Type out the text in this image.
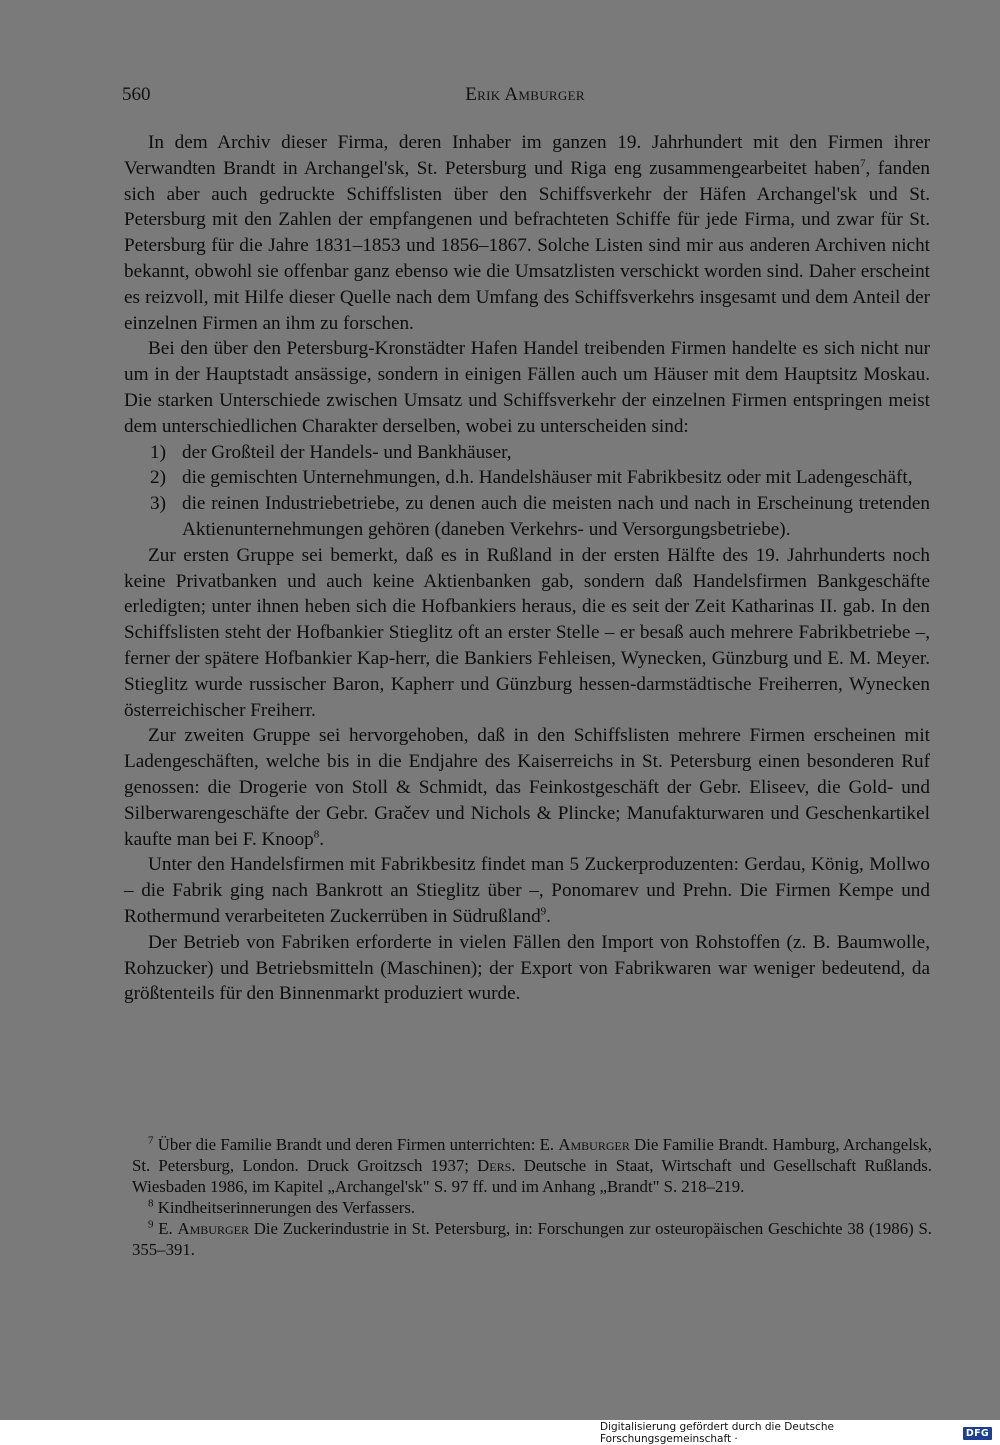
560	Erik Amburger

In dem Archiv dieser Firma, deren Inhaber im ganzen 19. Jahrhundert mit den Firmen ihrer Verwandten Brandt in Archangel'sk, St. Petersburg und Riga eng zusammengearbeitet haben$^7$, fanden sich aber auch gedruckte Schiffslisten über den Schiffsverkehr der Häfen Archangel'sk und St. Petersburg mit den Zahlen der empfangenen und befrachteten Schiffe für jede Firma, und zwar für St. Petersburg für die Jahre 1831–1853 und 1856–1867. Solche Listen sind mir aus anderen Archiven nicht bekannt, obwohl sie offenbar ganz ebenso wie die Umsatzlisten verschickt worden sind. Daher erscheint es reizvoll, mit Hilfe dieser Quelle nach dem Umfang des Schiffsverkehrs insgesamt und dem Anteil der einzelnen Firmen an ihm zu forschen.

Bei den über den Petersburg-Kronstädter Hafen Handel treibenden Firmen handelte es sich nicht nur um in der Hauptstadt ansässige, sondern in einigen Fällen auch um Häuser mit dem Hauptsitz Moskau. Die starken Unterschiede zwischen Umsatz und Schiffsverkehr der einzelnen Firmen entspringen meist dem unterschiedlichen Charakter derselben, wobei zu unterscheiden sind:

1) der Großteil der Handels- und Bankhäuser,
2) die gemischten Unternehmungen, d.h. Handelshäuser mit Fabrikbesitz oder mit Ladengeschäft,
3) die reinen Industriebetriebe, zu denen auch die meisten nach und nach in Erscheinung tretenden Aktienunternehmungen gehören (daneben Verkehrs- und Versorgungsbetriebe).

Zur ersten Gruppe sei bemerkt, daß es in Rußland in der ersten Hälfte des 19. Jahrhunderts noch keine Privatbanken und auch keine Aktienbanken gab, sondern daß Handelsfirmen Bankgeschäfte erledigten; unter ihnen heben sich die Hofbankiers heraus, die es seit der Zeit Katharinas II. gab. In den Schiffslisten steht der Hofbankier Stieglitz oft an erster Stelle – er besaß auch mehrere Fabrikbetriebe –, ferner der spätere Hofbankier Kap-herr, die Bankiers Fehleisen, Wynecken, Günzburg und E. M. Meyer. Stieglitz wurde russischer Baron, Kapherr und Günzburg hessen-darmstädtische Freiherren, Wynecken österreichischer Freiherr.

Zur zweiten Gruppe sei hervorgehoben, daß in den Schiffslisten mehrere Firmen erscheinen mit Ladengeschäften, welche bis in die Endjahre des Kaiserreichs in St. Petersburg einen besonderen Ruf genossen: die Drogerie von Stoll & Schmidt, das Feinkostgeschäft der Gebr. Eliseev, die Gold- und Silberwarengeschäfte der Gebr. Gračev und Nichols & Plincke; Manufakturwaren und Geschenkartikel kaufte man bei F. Knoop$^8$.

Unter den Handelsfirmen mit Fabrikbesitz findet man 5 Zuckerproduzenten: Gerdau, König, Mollwo – die Fabrik ging nach Bankrott an Stieglitz über –, Ponomarev und Prehn. Die Firmen Kempe und Rothermund verarbeiteten Zuckerrüben in Südrußland$^9$.

Der Betrieb von Fabriken erforderte in vielen Fällen den Import von Rohstoffen (z. B. Baumwolle, Rohzucker) und Betriebsmitteln (Maschinen); der Export von Fabrikwaren war weniger bedeutend, da größtenteils für den Binnenmarkt produziert wurde.

$^7$ Über die Familie Brandt und deren Firmen unterrichten: E. Amburger Die Familie Brandt. Hamburg, Archangelsk, St. Petersburg, London. Druck Groitzsch 1937; Ders. Deutsche in Staat, Wirtschaft und Gesellschaft Rußlands. Wiesbaden 1986, im Kapitel „Archangel'sk" S. 97 ff. und im Anhang „Brandt" S. 218–219.

$^8$ Kindheitserinnerungen des Verfassers.

$^9$ E. Amburger Die Zuckerindustrie in St. Petersburg, in: Forschungen zur osteuropäischen Geschichte 38 (1986) S. 355–391.

Digitalisierung gefördert durch die Deutsche Forschungsgemeinschaft ·	DFG
